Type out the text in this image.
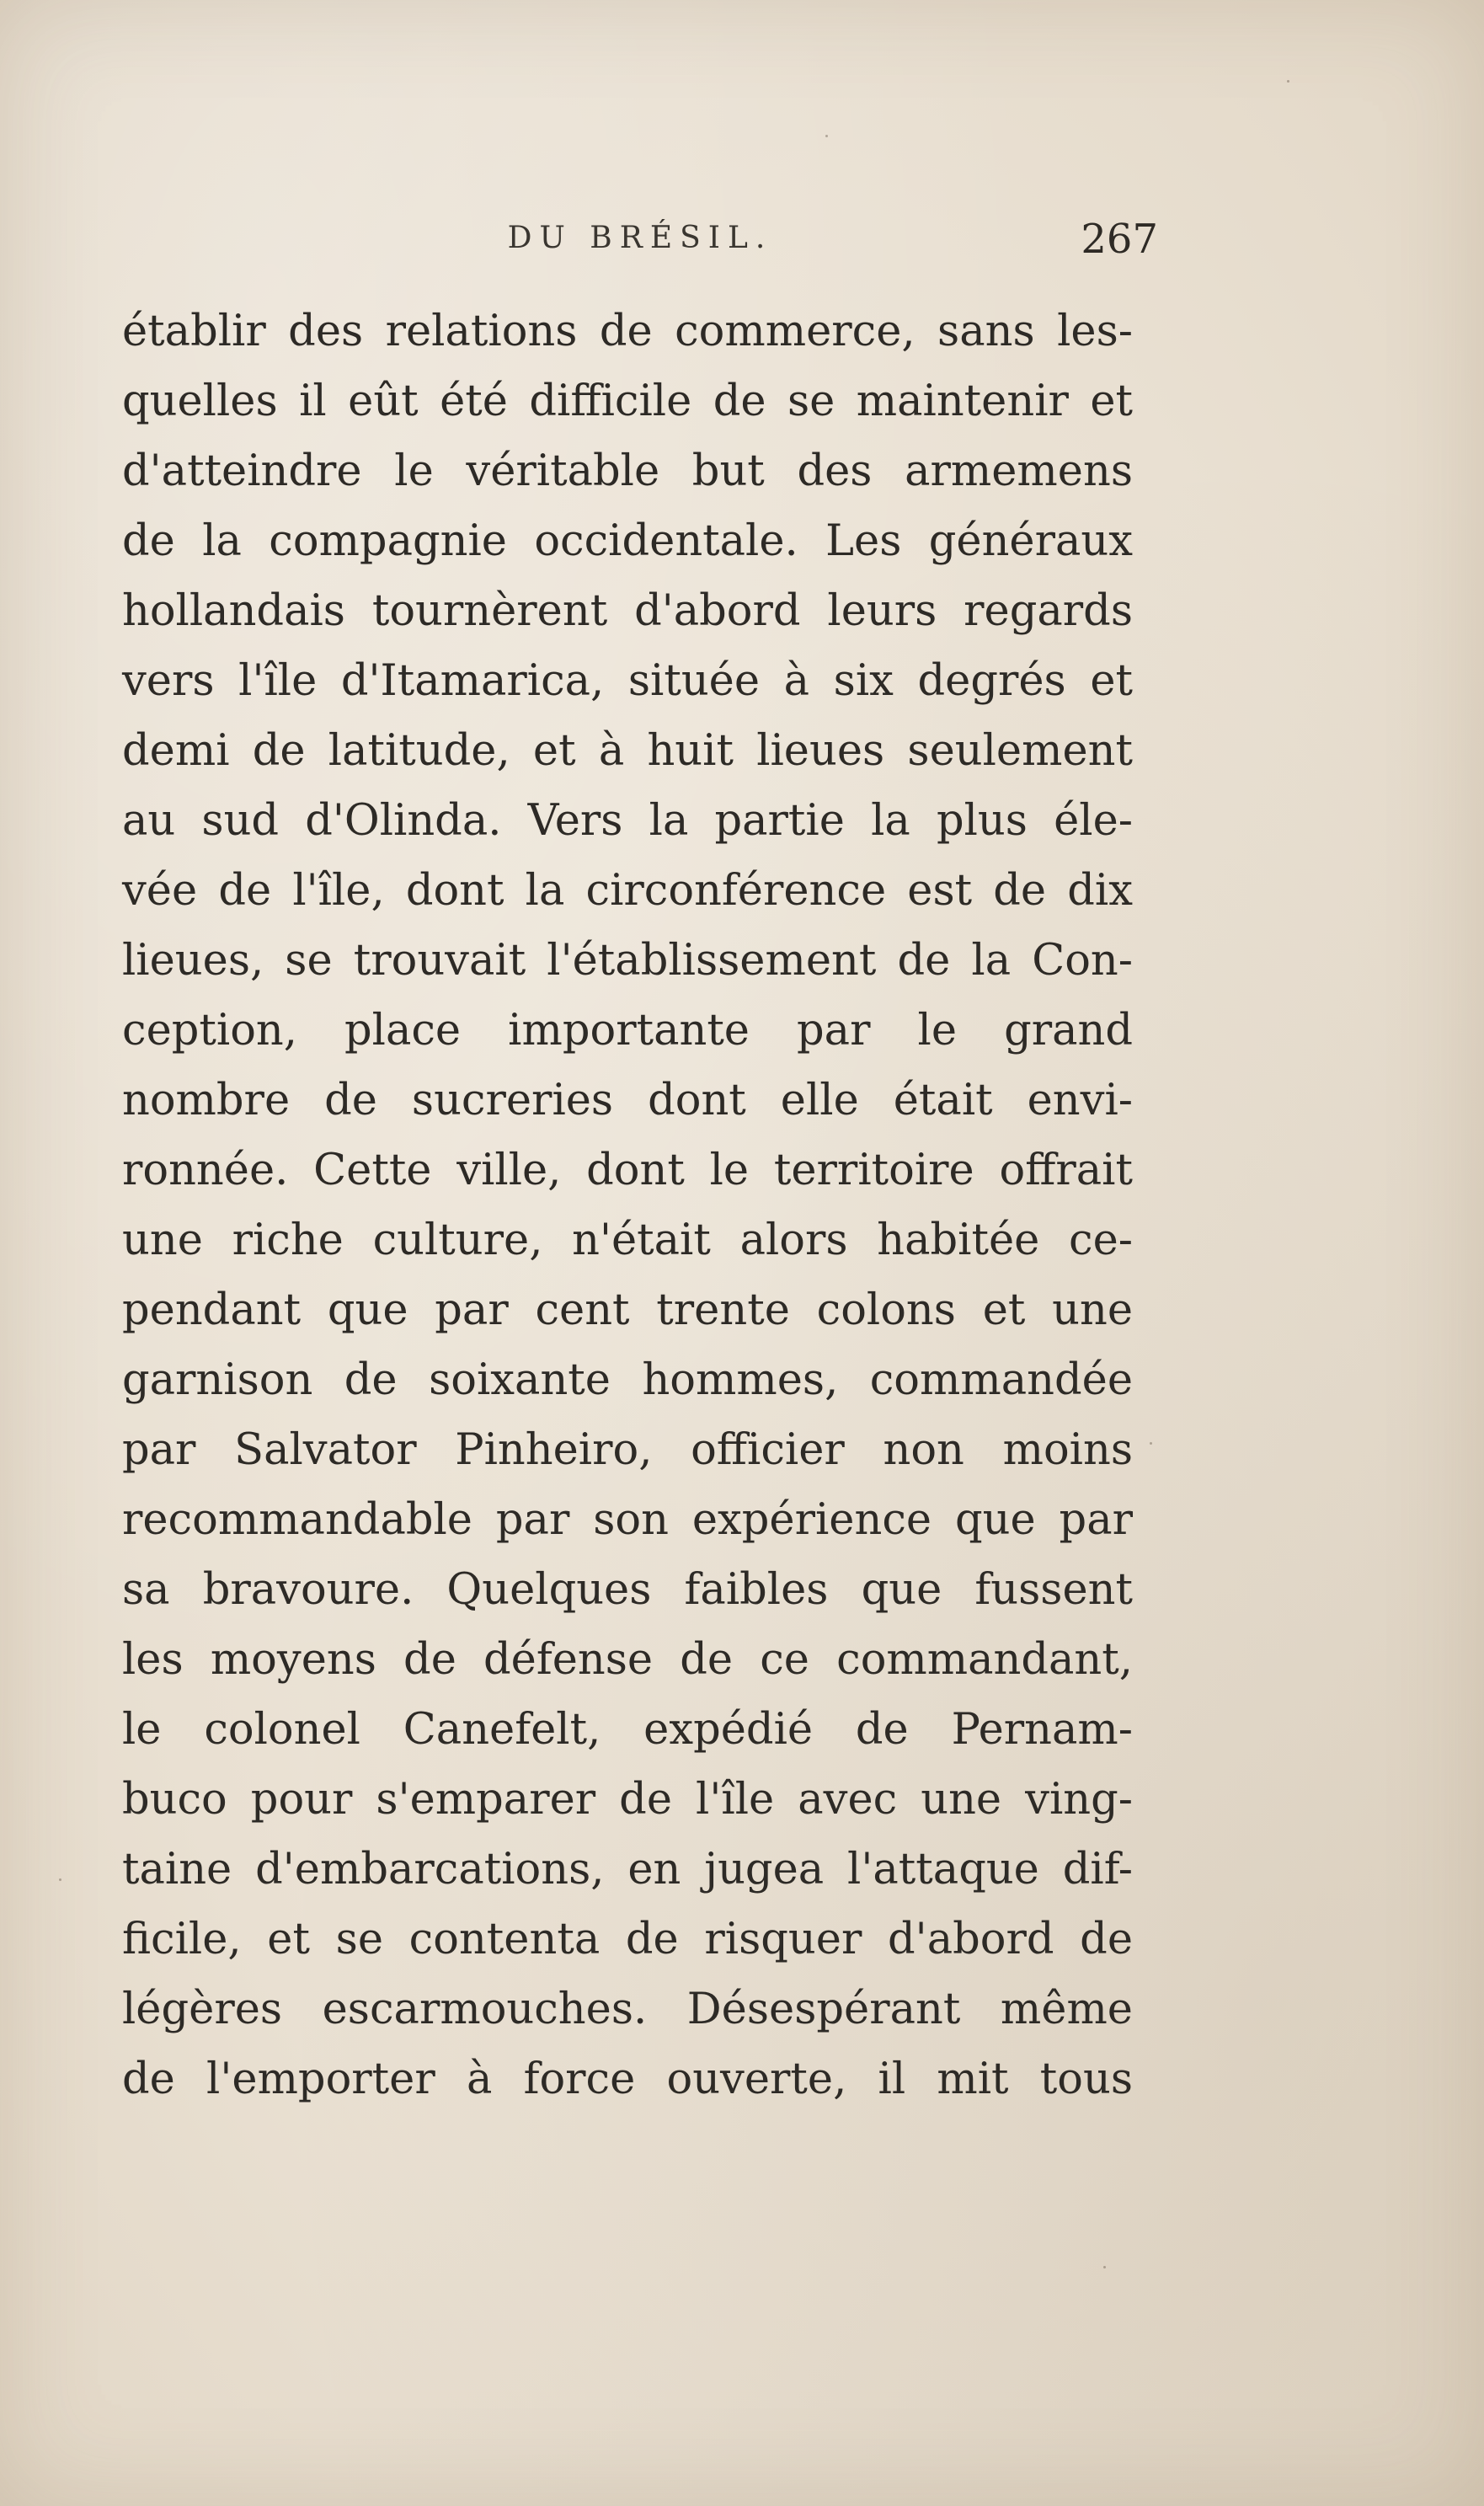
DU BRÉSIL.	267
établir des relations de commerce, sans les-
quelles il eût été difficile de se maintenir et
d'atteindre le véritable but des armemens
de la compagnie occidentale. Les généraux
hollandais tournèrent d'abord leurs regards
vers l'île d'Itamarica, située à six degrés et
demi de latitude, et à huit lieues seulement
au sud d'Olinda. Vers la partie la plus éle-
vée de l'île, dont la circonférence est de dix
lieues, se trouvait l'établissement de la Con-
ception, place importante par le grand
nombre de sucreries dont elle était envi-
ronnée. Cette ville, dont le territoire offrait
une riche culture, n'était alors habitée ce-
pendant que par cent trente colons et une
garnison de soixante hommes, commandée
par Salvator Pinheiro, officier non moins
recommandable par son expérience que par
sa bravoure. Quelques faibles que fussent
les moyens de défense de ce commandant,
le colonel Canefelt, expédié de Pernam-
buco pour s'emparer de l'île avec une ving-
taine d'embarcations, en jugea l'attaque dif-
ficile, et se contenta de risquer d'abord de
légères escarmouches. Désespérant même
de l'emporter à force ouverte, il mit tous
